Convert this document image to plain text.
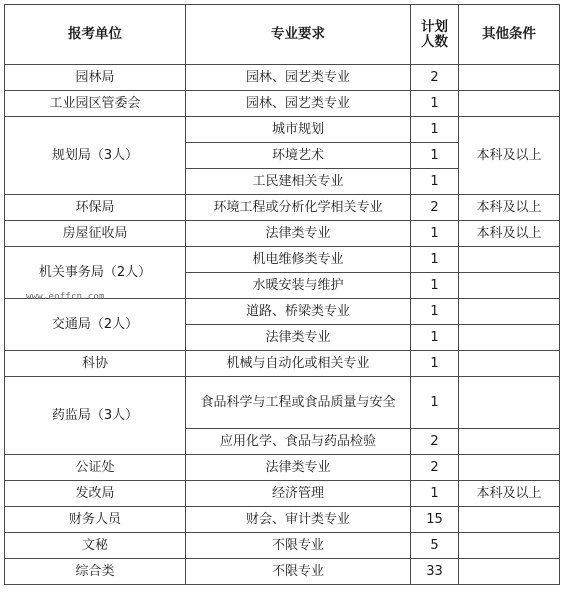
报考单位	专业要求	计划人数	其他条件
园林局	园林、园艺类专业	2	
工业园区管委会	园林、园艺类专业	1	
规划局（3人）	城市规划	1	本科及以上
	环境艺术	1	
	工民建相关专业	1	
环保局	环境工程或分析化学相关专业	2	本科及以上
房屋征收局	法律类专业	1	本科及以上
机关事务局（2人）	机电维修类专业	1	
	水暖安装与维护	1	
交通局（2人）	道路、桥梁类专业	1	
	法律类专业	1	
科协	机械与自动化或相关专业	1	
药监局（3人）	食品科学与工程或食品质量与安全	1	
	应用化学、食品与药品检验	2	
公证处	法律类专业	2	
发改局	经济管理	1	本科及以上
财务人员	财会、审计类专业	15	
文秘	不限专业	5	
综合类	不限专业	33	
www.eoffcn.com
